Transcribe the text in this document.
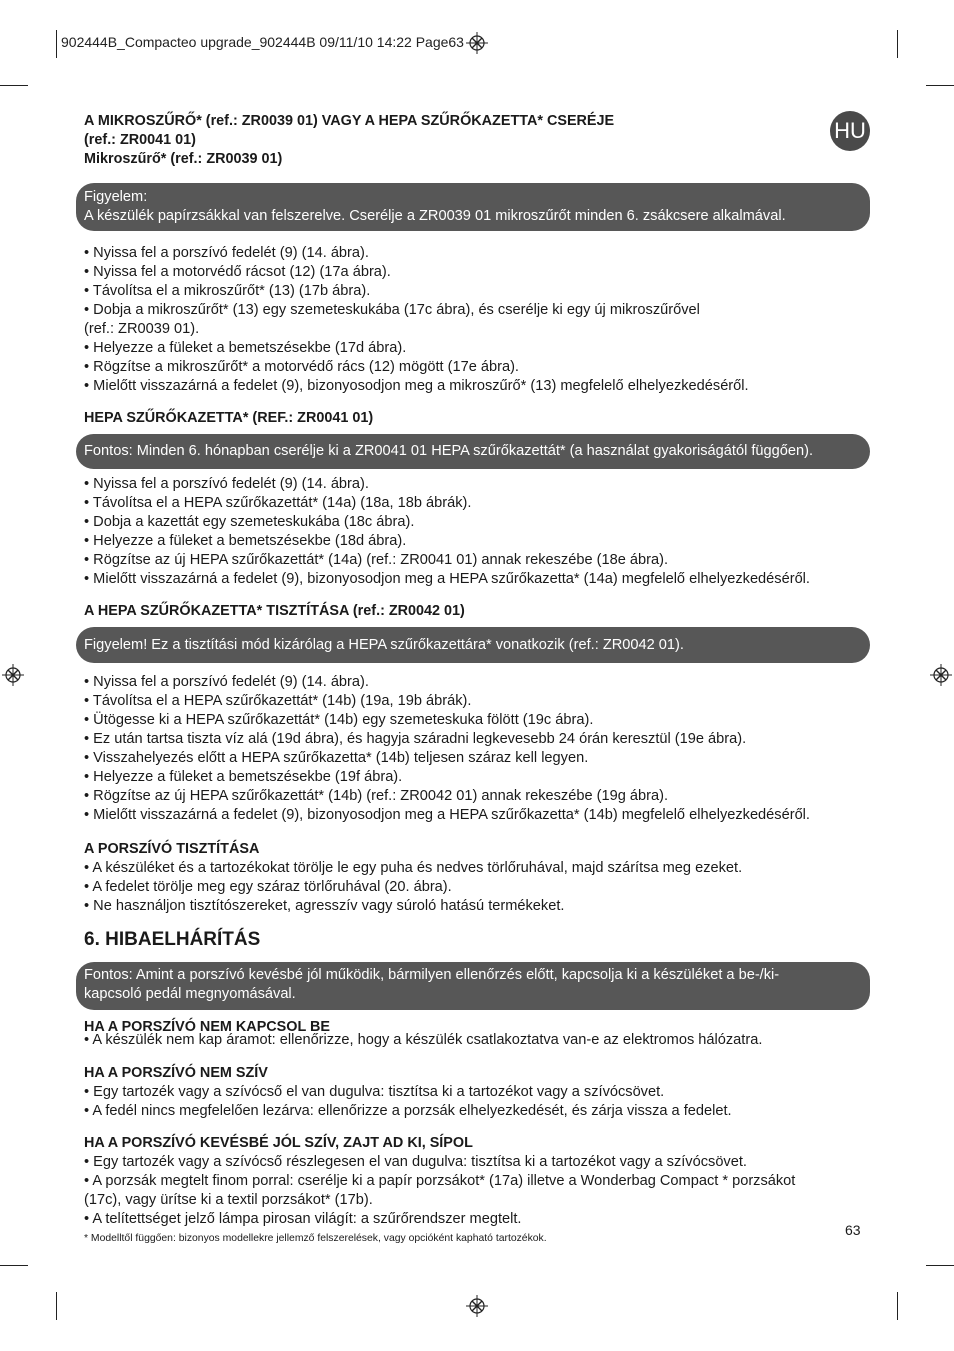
902444B_Compacteo upgrade_902444B 09/11/10 14:22 Page63
HU
A MIKROSZŰRŐ* (ref.: ZR0039 01) VAGY A HEPA SZŰRŐKAZETTA* CSERÉJE
(ref.: ZR0041 01)
Mikroszűrő* (ref.: ZR0039 01)
Figyelem:
A készülék papírzsákkal van felszerelve. Cserélje a ZR0039 01 mikroszűrőt minden 6. zsákcsere alkalmával.
• Nyissa fel a porszívó fedelét (9) (14. ábra).
• Nyissa fel a motorvédő rácsot (12) (17a ábra).
• Távolítsa el a mikroszűrőt* (13) (17b ábra).
• Dobja a mikroszűrőt* (13) egy szemeteskukába (17c ábra), és cserélje ki egy új mikroszűrővel
(ref.: ZR0039 01).
• Helyezze a füleket a bemetszésekbe (17d ábra).
• Rögzítse a mikroszűrőt* a motorvédő rács (12) mögött (17e ábra).
• Mielőtt visszazárná a fedelet (9), bizonyosodjon meg a mikroszűrő* (13) megfelelő elhelyezkedéséről.
HEPA SZŰRŐKAZETTA* (REF.: ZR0041 01)
Fontos: Minden 6. hónapban cserélje ki a ZR0041 01 HEPA szűrőkazettát* (a használat gyakoriságától függően).
• Nyissa fel a porszívó fedelét (9) (14. ábra).
• Távolítsa el a HEPA szűrőkazettát* (14a) (18a, 18b ábrák).
• Dobja a kazettát egy szemeteskukába (18c ábra).
• Helyezze a füleket a bemetszésekbe (18d ábra).
• Rögzítse az új HEPA szűrőkazettát* (14a) (ref.: ZR0041 01) annak rekeszébe (18e ábra).
• Mielőtt visszazárná a fedelet (9), bizonyosodjon meg a HEPA szűrőkazetta* (14a) megfelelő elhelyezkedéséről.
A HEPA SZŰRŐKAZETTA* TISZTÍTÁSA (ref.: ZR0042 01)
Figyelem! Ez a tisztítási mód kizárólag a HEPA szűrőkazettára* vonatkozik (ref.: ZR0042 01).
• Nyissa fel a porszívó fedelét (9) (14. ábra).
• Távolítsa el a HEPA szűrőkazettát* (14b) (19a, 19b ábrák).
• Ütögesse ki a HEPA szűrőkazettát* (14b) egy szemeteskuka fölött (19c ábra).
• Ez után tartsa tiszta víz alá (19d ábra), és hagyja száradni legkevesebb 24 órán keresztül (19e ábra).
• Visszahelyezés előtt a HEPA szűrőkazetta* (14b) teljesen száraz kell legyen.
• Helyezze a füleket a bemetszésekbe (19f ábra).
• Rögzítse az új HEPA szűrőkazettát* (14b) (ref.: ZR0042 01) annak rekeszébe (19g ábra).
• Mielőtt visszazárná a fedelet (9), bizonyosodjon meg a HEPA szűrőkazetta* (14b) megfelelő elhelyezkedéséről.
A PORSZÍVÓ TISZTÍTÁSA
• A készüléket és a tartozékokat törölje le egy puha és nedves törlőruhával, majd szárítsa meg ezeket.
• A fedelet törölje meg egy száraz törlőruhával (20. ábra).
• Ne használjon tisztítószereket, agresszív vagy súroló hatású termékeket.
6. HIBAELHÁRÍTÁS
Fontos: Amint a porszívó kevésbé jól működik, bármilyen ellenőrzés előtt, kapcsolja ki a készüléket a be-/ki-
kapcsoló pedál megnyomásával.
HA A PORSZÍVÓ NEM KAPCSOL BE
• A készülék nem kap áramot: ellenőrizze, hogy a készülék csatlakoztatva van-e az elektromos hálózatra.
HA A PORSZÍVÓ NEM SZÍV
• Egy tartozék vagy a szívócső el van dugulva: tisztítsa ki a tartozékot vagy a szívócsövet.
• A fedél nincs megfelelően lezárva: ellenőrizze a porzsák elhelyezkedését, és zárja vissza a fedelet.
HA A PORSZÍVÓ KEVÉSBÉ JÓL SZÍV, ZAJT AD KI, SÍPOL
• Egy tartozék vagy a szívócső részlegesen el van dugulva: tisztítsa ki a tartozékot vagy a szívócsövet.
• A porzsák megtelt finom porral: cserélje ki a papír porzsákot* (17a) illetve a Wonderbag Compact * porzsákot
(17c), vagy ürítse ki a textil porzsákot* (17b).
• A telítettséget jelző lámpa pirosan világít: a szűrőrendszer megtelt.
63
* Modelltől függően: bizonyos modellekre jellemző felszerelések, vagy opcióként kapható tartozékok.
